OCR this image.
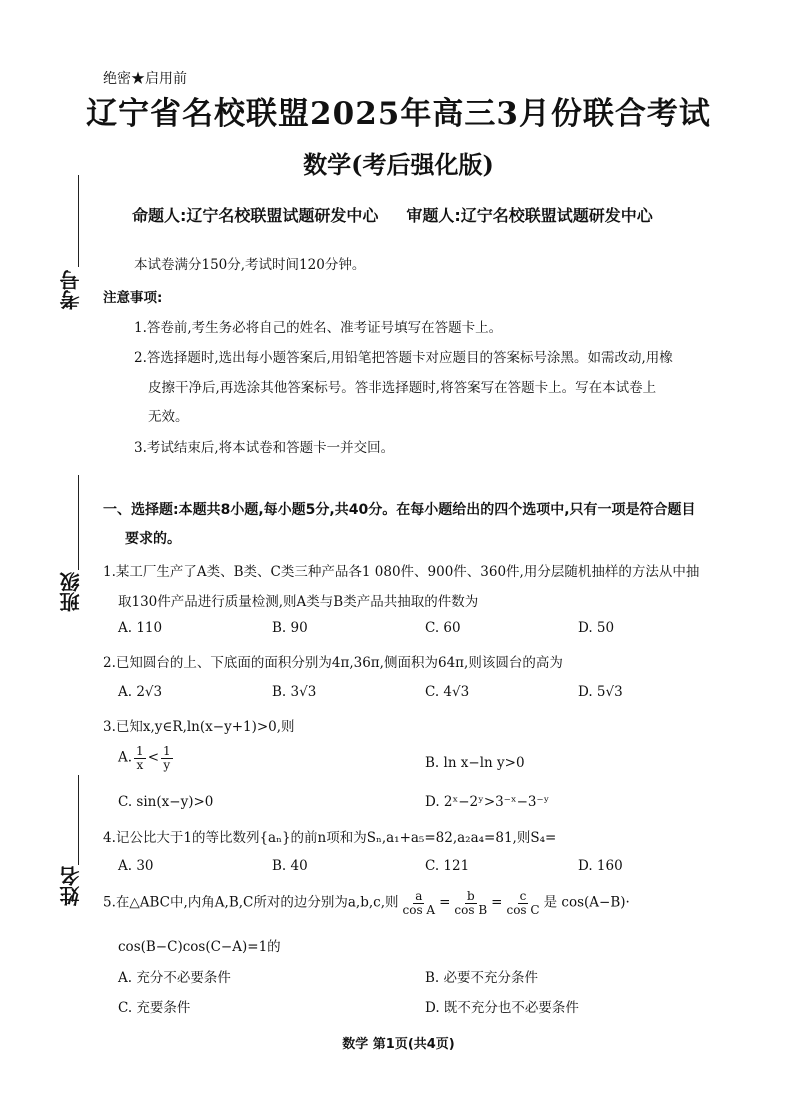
绝密★启用前
辽宁省名校联盟2025年高三3月份联合考试
数学(考后强化版)
命题人:辽宁名校联盟试题研发中心 审题人:辽宁名校联盟试题研发中心
考号
班级
姓名
本试卷满分150分,考试时间120分钟。
注意事项:
1.答卷前,考生务必将自己的姓名、准考证号填写在答题卡上。
2.答选择题时,选出每小题答案后,用铅笔把答题卡对应题目的答案标号涂黑。如需改动,用橡
皮擦干净后,再选涂其他答案标号。答非选择题时,将答案写在答题卡上。写在本试卷上
无效。
3.考试结束后,将本试卷和答题卡一并交回。
一、选择题:本题共8小题,每小题5分,共40分。在每小题给出的四个选项中,只有一项是符合题目
要求的。
1.某工厂生产了A类、B类、C类三种产品各1 080件、900件、360件,用分层随机抽样的方法从中抽
取130件产品进行质量检测,则A类与B类产品共抽取的件数为
A. 110	B. 90	C. 60	D. 50
2.已知圆台的上、下底面的面积分别为4π,36π,侧面积为64π,则该圆台的高为
A. 2√3	B. 3√3	C. 4√3	D. 5√3
3.已知x,y∈R,ln(x−y+1)>0,则
A. $\frac{1}{x} < \frac{1}{y}$	B. ln x−ln y>0
C. sin(x−y)>0	D. 2ˣ−2ʸ>3⁻ˣ−3⁻ʸ
4.记公比大于1的等比数列{aₙ}的前n项和为Sₙ,a₁+a₅=82,a₂a₄=81,则S₄=
A. 30	B. 40	C. 121	D. 160
5.在△ABC中,内角A,B,C所对的边分别为a,b,c,则 $\frac{a}{\text{cos A}} = \frac{b}{\text{cos B}} = \frac{c}{\text{cos C}}$ 是 cos(A−B)·
cos(B−C)cos(C−A)=1的
A. 充分不必要条件	B. 必要不充分条件
C. 充要条件	D. 既不充分也不必要条件
数学 第1页(共4页)
